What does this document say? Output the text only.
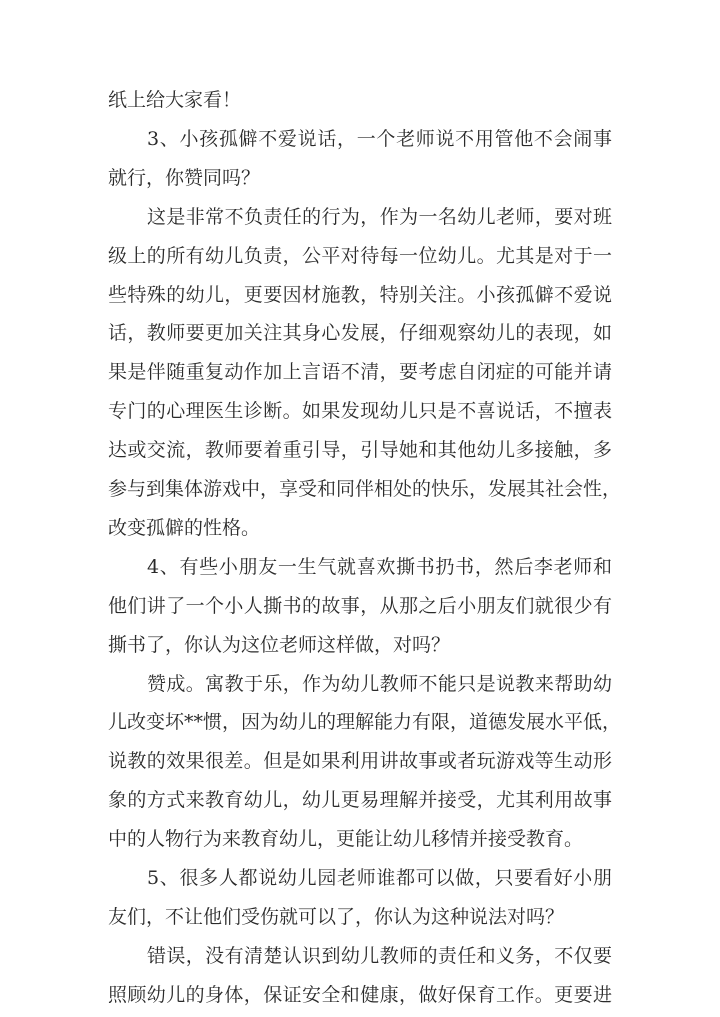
纸上给大家看！
3、小孩孤僻不爱说话，一个老师说不用管他不会闹事
就行，你赞同吗？
这是非常不负责任的行为，作为一名幼儿老师，要对班
级上的所有幼儿负责，公平对待每一位幼儿。尤其是对于一
些特殊的幼儿，更要因材施教，特别关注。小孩孤僻不爱说
话，教师要更加关注其身心发展，仔细观察幼儿的表现，如
果是伴随重复动作加上言语不清，要考虑自闭症的可能并请
专门的心理医生诊断。如果发现幼儿只是不喜说话，不擅表
达或交流，教师要着重引导，引导她和其他幼儿多接触，多
参与到集体游戏中，享受和同伴相处的快乐，发展其社会性，
改变孤僻的性格。
4、有些小朋友一生气就喜欢撕书扔书，然后李老师和
他们讲了一个小人撕书的故事，从那之后小朋友们就很少有
撕书了，你认为这位老师这样做，对吗？
赞成。寓教于乐，作为幼儿教师不能只是说教来帮助幼
儿改变坏**惯，因为幼儿的理解能力有限，道德发展水平低，
说教的效果很差。但是如果利用讲故事或者玩游戏等生动形
象的方式来教育幼儿，幼儿更易理解并接受，尤其利用故事
中的人物行为来教育幼儿，更能让幼儿移情并接受教育。
5、很多人都说幼儿园老师谁都可以做，只要看好小朋
友们，不让他们受伤就可以了，你认为这种说法对吗？
错误，没有清楚认识到幼儿教师的责任和义务，不仅要
照顾幼儿的身体，保证安全和健康，做好保育工作。更要进
